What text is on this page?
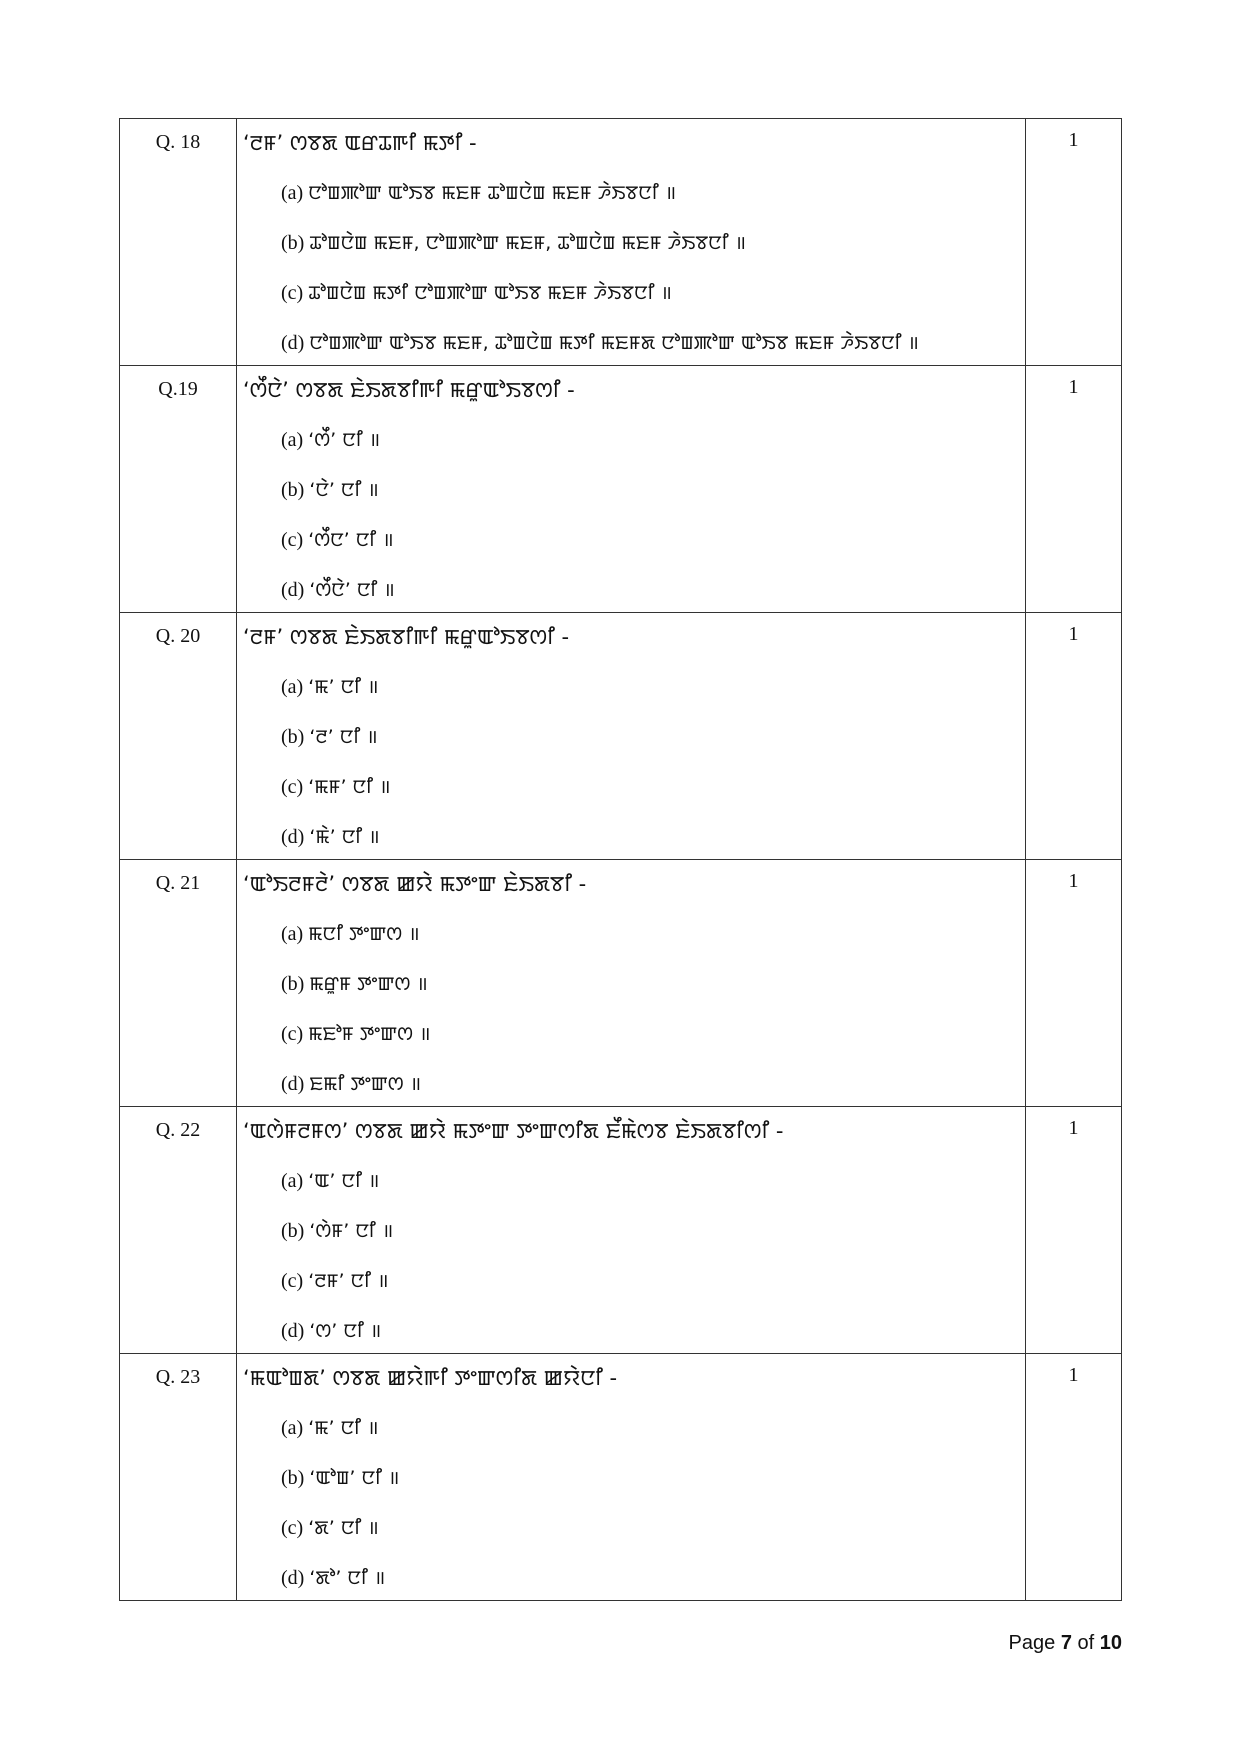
Q. 18	‘ꯂꯝ’ ꯁꯕꯗ ꯑꯔꯊꯒꯤ ꯃꯇꯤ -
(a) ꯅꯣꯡꯄꯣꯛ ꯑꯣꯏꯕ ꯃꯐꯝ ꯊꯣꯡꯅꯥꯡ ꯃꯐꯝ ꯍꯥꯏꯕꯅꯤ ॥
(b) ꯊꯣꯡꯅꯥꯡ ꯃꯐꯝ, ꯅꯣꯡꯄꯣꯛ ꯃꯐꯝ, ꯊꯣꯡꯅꯥꯡ ꯃꯐꯝ ꯍꯥꯏꯕꯅꯤ ॥
(c) ꯊꯣꯡꯅꯥꯡ ꯃꯇꯤ ꯅꯣꯡꯄꯣꯛ ꯑꯣꯏꯕ ꯃꯐꯝ ꯍꯥꯏꯕꯅꯤ ॥
(d) ꯅꯣꯡꯄꯣꯛ ꯑꯣꯏꯕ ꯃꯐꯝ, ꯊꯣꯡꯅꯥꯡ ꯃꯇꯤ ꯃꯐꯝꯗ ꯅꯣꯡꯄꯣꯛ ꯑꯣꯏꯕ ꯃꯐꯝ ꯍꯥꯏꯕꯅꯤ ॥	1
Q.19	‘ꯁꯩꯅꯥ’ ꯁꯕꯗ ꯐꯥꯏꯗꯕꯤꯒꯤ ꯃꯔꯨꯑꯣꯏꯕꯁꯤ -
(a) ‘ꯁꯩ’ ꯅꯤ ॥
(b) ‘ꯅꯥ’ ꯅꯤ ॥
(c) ‘ꯁꯩꯅ’ ꯅꯤ ॥
(d) ‘ꯁꯩꯅꯥ’ ꯅꯤ ॥	1
Q. 20	‘ꯂꯝ’ ꯁꯕꯗ ꯐꯥꯏꯗꯕꯤꯒꯤ ꯃꯔꯨꯑꯣꯏꯕꯁꯤ -
(a) ‘ꯃ’ ꯅꯤ ॥
(b) ‘ꯂ’ ꯅꯤ ॥
(c) ‘ꯃꯝ’ ꯅꯤ ॥
(d) ‘ꯃꯥ’ ꯅꯤ ॥	1
Q. 21	‘ꯑꯣꯏꯂꯝꯂꯥ’ ꯁꯕꯗ ꯀꯌꯥ ꯃꯇꯦꯛ ꯐꯥꯏꯗꯕꯤ -
(a) ꯃꯅꯤ ꯇꯦꯛꯁ ॥
(b) ꯃꯔꯨꯝ ꯇꯦꯛꯁ ॥
(c) ꯃꯐꯣꯝ ꯇꯦꯛꯁ ॥
(d) ꯐꯃꯤ ꯇꯦꯛꯁ ॥	1
Q. 22	‘ꯑꯁꯥꯝꯂꯝꯁ’ ꯁꯕꯗ ꯀꯌꯥ ꯃꯇꯦꯛ ꯇꯦꯛꯁꯤꯗ ꯐꯩꯃꯥꯁꯕ ꯐꯥꯏꯗꯕꯤꯁꯤ -
(a) ‘ꯑ’ ꯅꯤ ॥
(b) ‘ꯁꯥꯝ’ ꯅꯤ ॥
(c) ‘ꯂꯝ’ ꯅꯤ ॥
(d) ‘ꯁ’ ꯅꯤ ॥	1
Q. 23	‘ꯃꯑꯣꯡꯗ’ ꯁꯕꯗ ꯀꯌꯥꯒꯤ ꯇꯦꯛꯁꯤꯗ ꯀꯌꯥꯅꯤ -
(a) ‘ꯃ’ ꯅꯤ ॥
(b) ‘ꯑꯣꯡ’ ꯅꯤ ॥
(c) ‘ꯗ’ ꯅꯤ ॥
(d) ‘ꯗꯣ’ ꯅꯤ ॥	1
Page 7 of 10
